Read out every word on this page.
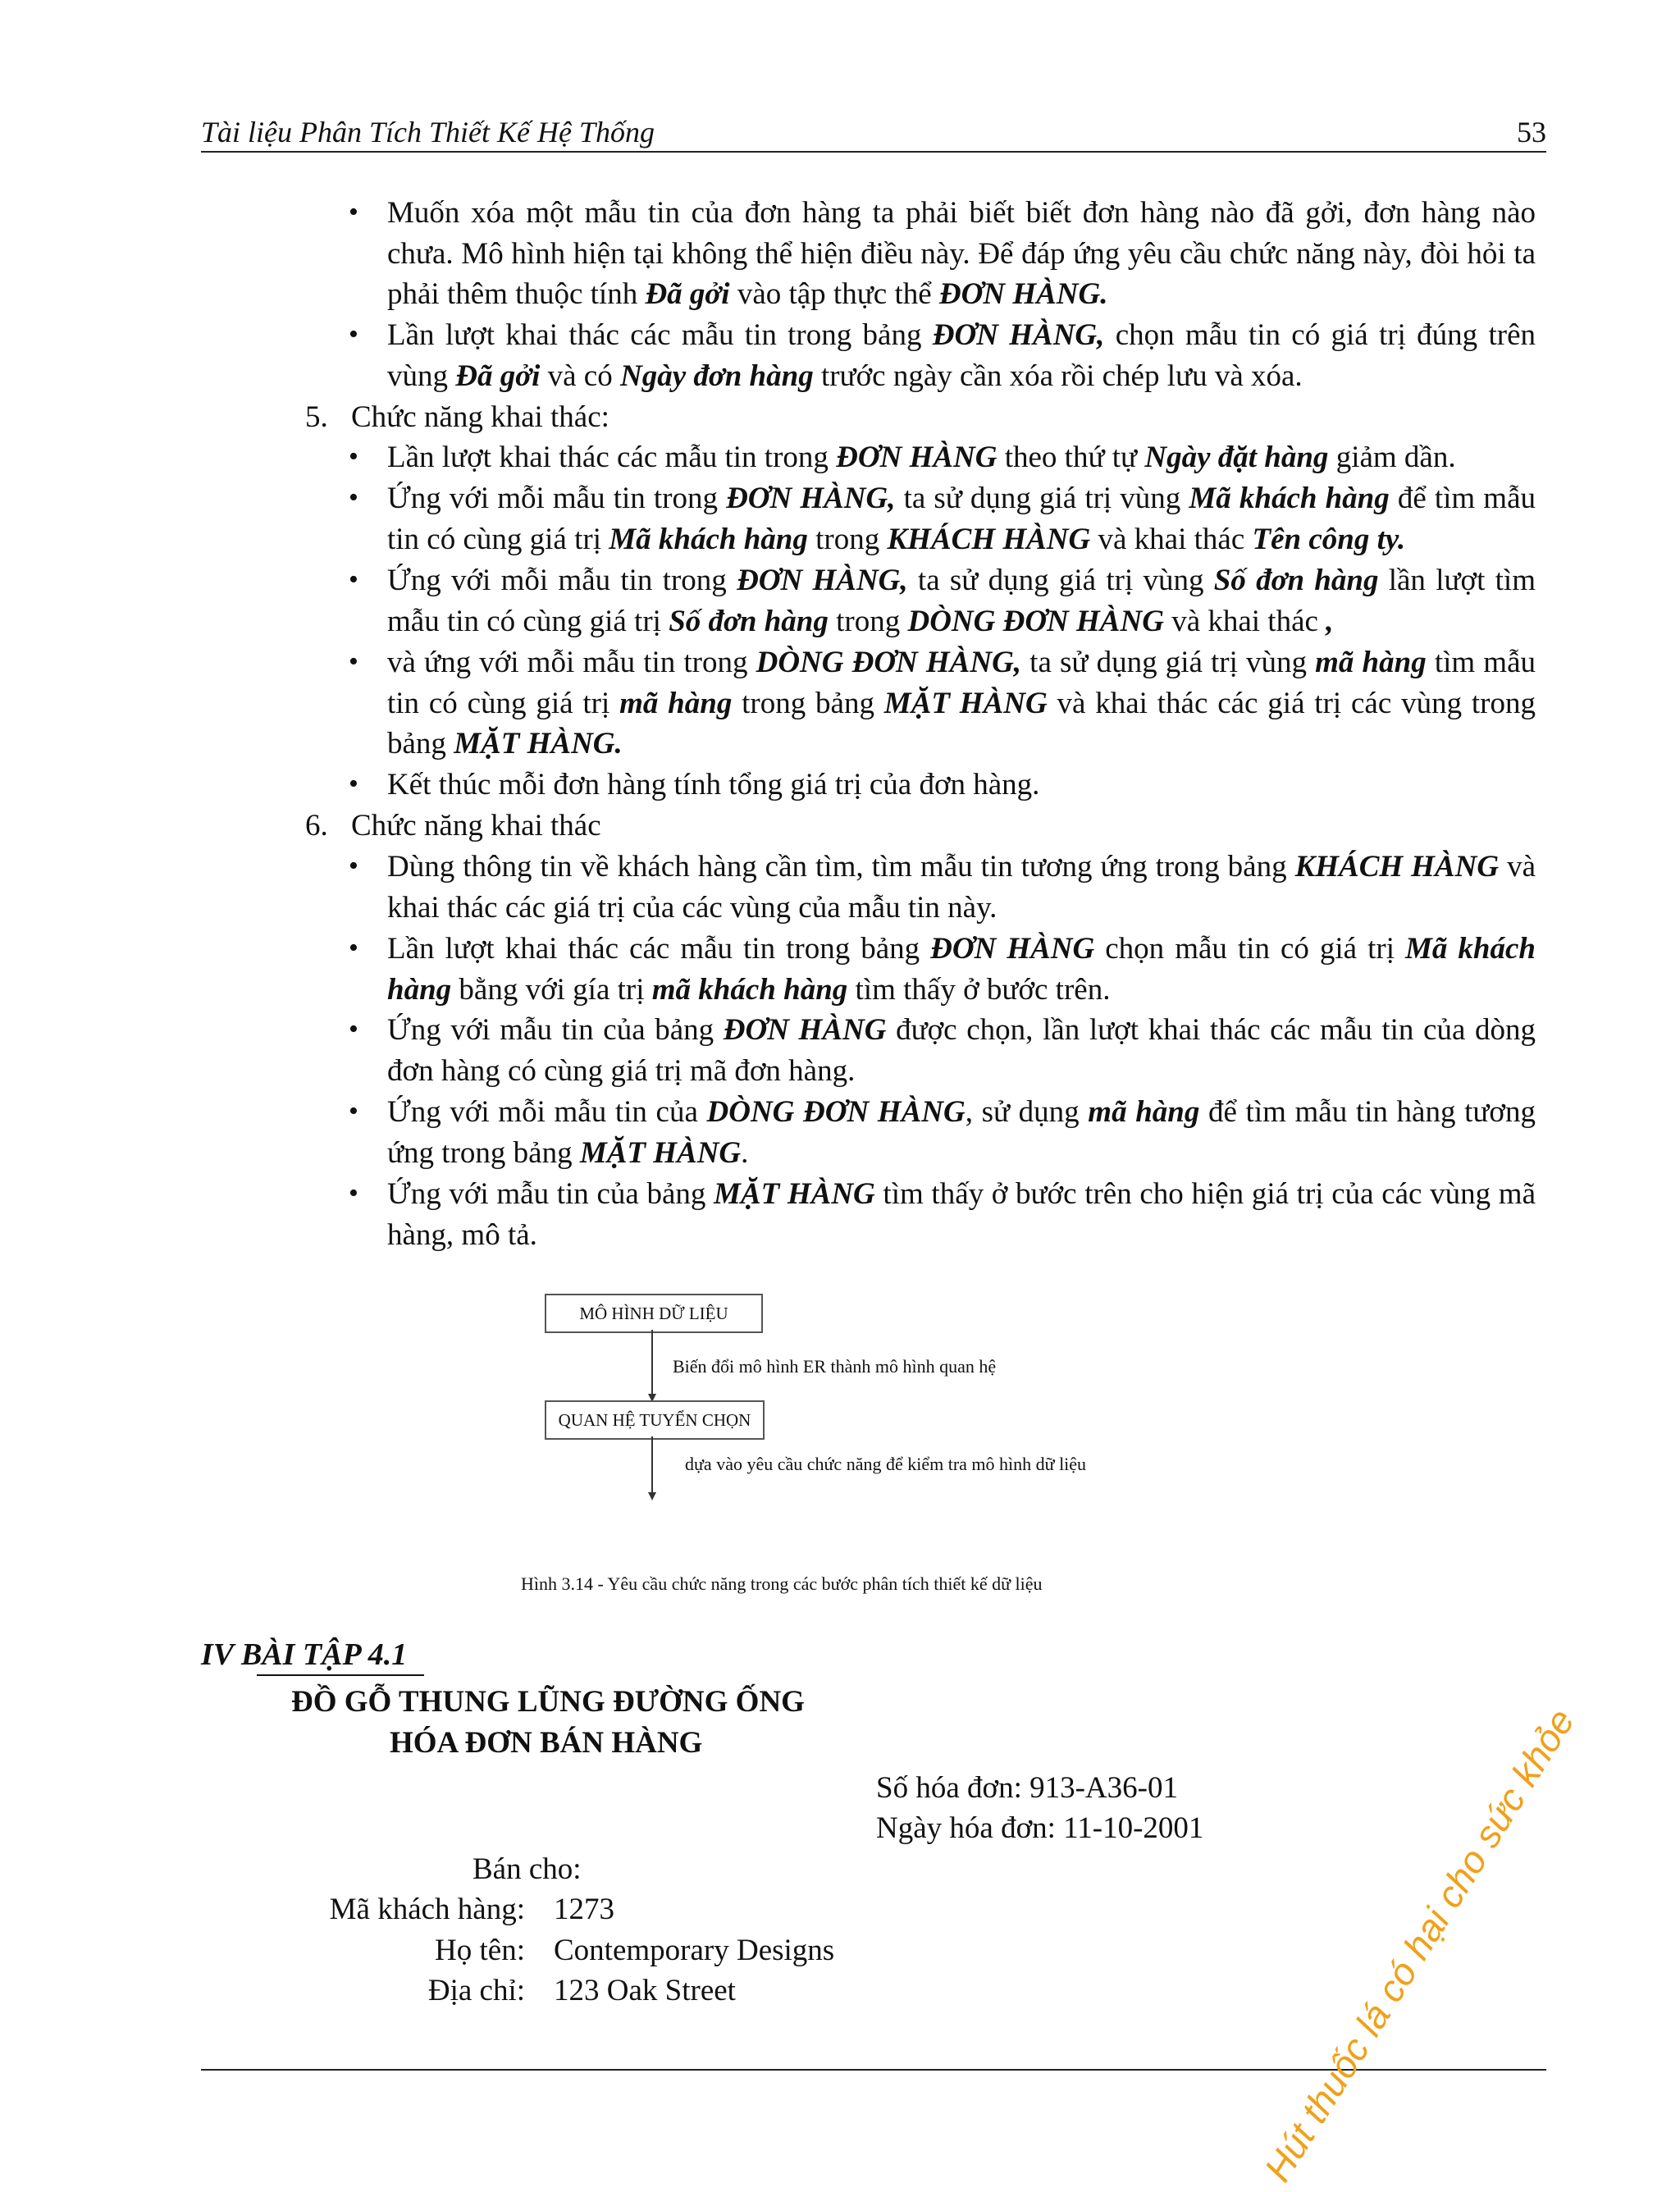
Tài liệu Phân Tích Thiết Kế Hệ Thống	53
• Muốn xóa một mẫu tin của đơn hàng ta phải biết biết đơn hàng nào đã gởi, đơn hàng nào chưa. Mô hình hiện tại không thể hiện điều này. Để đáp ứng yêu cầu chức năng này, đòi hỏi ta phải thêm thuộc tính Đã gởi vào tập thực thể ĐƠN HÀNG.
• Lần lượt khai thác các mẫu tin trong bảng ĐƠN HÀNG, chọn mẫu tin có giá trị đúng trên vùng Đã gởi và có Ngày đơn hàng trước ngày cần xóa rồi chép lưu và xóa.
5. Chức năng khai thác:
• Lần lượt khai thác các mẫu tin trong ĐƠN HÀNG theo thứ tự Ngày đặt hàng giảm dần.
• Ứng với mỗi mẫu tin trong ĐƠN HÀNG, ta sử dụng giá trị vùng Mã khách hàng để tìm mẫu tin có cùng giá trị Mã khách hàng trong KHÁCH HÀNG và khai thác Tên công ty.
• Ứng với mỗi mẫu tin trong ĐƠN HÀNG, ta sử dụng giá trị vùng Số đơn hàng lần lượt tìm mẫu tin có cùng giá trị Số đơn hàng trong DÒNG ĐƠN HÀNG và khai thác ,
• và ứng với mỗi mẫu tin trong DÒNG ĐƠN HÀNG, ta sử dụng giá trị vùng mã hàng tìm mẫu tin có cùng giá trị mã hàng trong bảng MẶT HÀNG và khai thác các giá trị các vùng trong bảng MẶT HÀNG.
• Kết thúc mỗi đơn hàng tính tổng giá trị của đơn hàng.
6. Chức năng khai thác
• Dùng thông tin về khách hàng cần tìm, tìm mẫu tin tương ứng trong bảng KHÁCH HÀNG và khai thác các giá trị của các vùng của mẫu tin này.
• Lần lượt khai thác các mẫu tin trong bảng ĐƠN HÀNG chọn mẫu tin có giá trị Mã khách hàng bằng với gía trị mã khách hàng tìm thấy ở bước trên.
• Ứng với mẫu tin của bảng ĐƠN HÀNG được chọn, lần lượt khai thác các mẫu tin của dòng đơn hàng có cùng giá trị mã đơn hàng.
• Ứng với mỗi mẫu tin của DÒNG ĐƠN HÀNG, sử dụng mã hàng để tìm mẫu tin hàng tương ứng trong bảng MẶT HÀNG.
• Ứng với mẫu tin của bảng MẶT HÀNG tìm thấy ở bước trên cho hiện giá trị của các vùng mã hàng, mô tả.
MÔ HÌNH DỮ LIỆU
Biến đổi mô hình ER thành mô hình quan hệ
QUAN HỆ TUYỂN CHỌN
dựa vào yêu cầu chức năng để kiểm tra mô hình dữ liệu
Hình 3.14 - Yêu cầu chức năng trong các bước phân tích thiết kế dữ liệu
IV BÀI TẬP 4.1
ĐỒ GỖ THUNG LŨNG ĐƯỜNG ỐNG
HÓA ĐƠN BÁN HÀNG
Số hóa đơn: 913-A36-01
Ngày hóa đơn: 11-10-2001
Bán cho:
Mã khách hàng: 1273
Họ tên: Contemporary Designs
Địa chỉ: 123 Oak Street	Hút thuốc lá có hại cho sức khỏe
